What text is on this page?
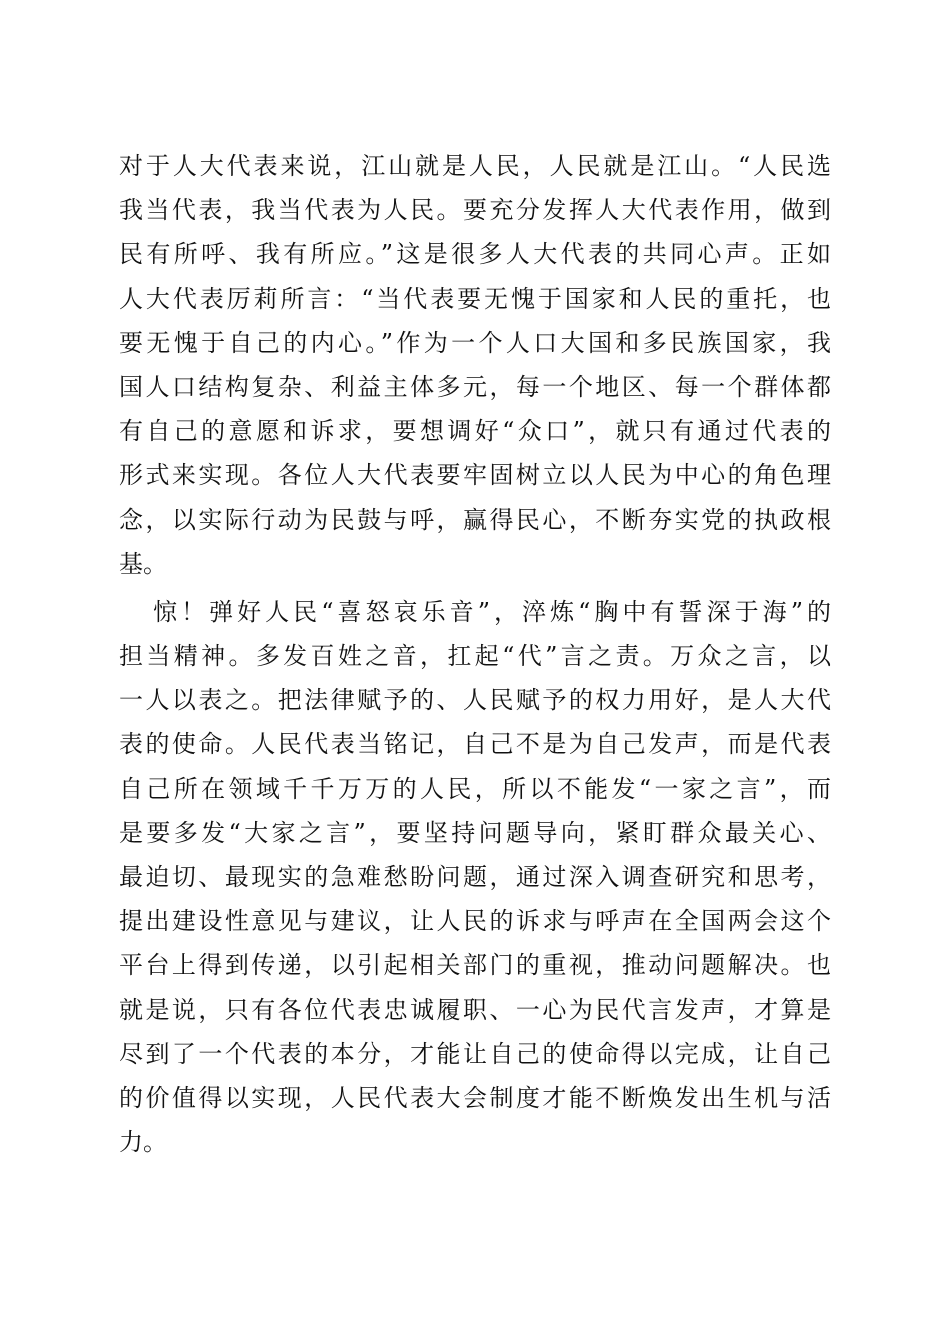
对于人大代表来说，江山就是人民，人民就是江山。“人民选
我当代表，我当代表为人民。要充分发挥人大代表作用，做到
民有所呼、我有所应。”这是很多人大代表的共同心声。正如
人大代表厉莉所言：“当代表要无愧于国家和人民的重托，也
要无愧于自己的内心。”作为一个人口大国和多民族国家，我
国人口结构复杂、利益主体多元，每一个地区、每一个群体都
有自己的意愿和诉求，要想调好“众口”，就只有通过代表的
形式来实现。各位人大代表要牢固树立以人民为中心的角色理
念，以实际行动为民鼓与呼，赢得民心，不断夯实党的执政根
基。
惊！弹好人民“喜怒哀乐音”，淬炼“胸中有誓深于海”的
担当精神。多发百姓之音，扛起“代”言之责。万众之言，以
一人以表之。把法律赋予的、人民赋予的权力用好，是人大代
表的使命。人民代表当铭记，自己不是为自己发声，而是代表
自己所在领域千千万万的人民，所以不能发“一家之言”，而
是要多发“大家之言”，要坚持问题导向，紧盯群众最关心、
最迫切、最现实的急难愁盼问题，通过深入调查研究和思考，
提出建设性意见与建议，让人民的诉求与呼声在全国两会这个
平台上得到传递，以引起相关部门的重视，推动问题解决。也
就是说，只有各位代表忠诚履职、一心为民代言发声，才算是
尽到了一个代表的本分，才能让自己的使命得以完成，让自己
的价值得以实现，人民代表大会制度才能不断焕发出生机与活
力。
